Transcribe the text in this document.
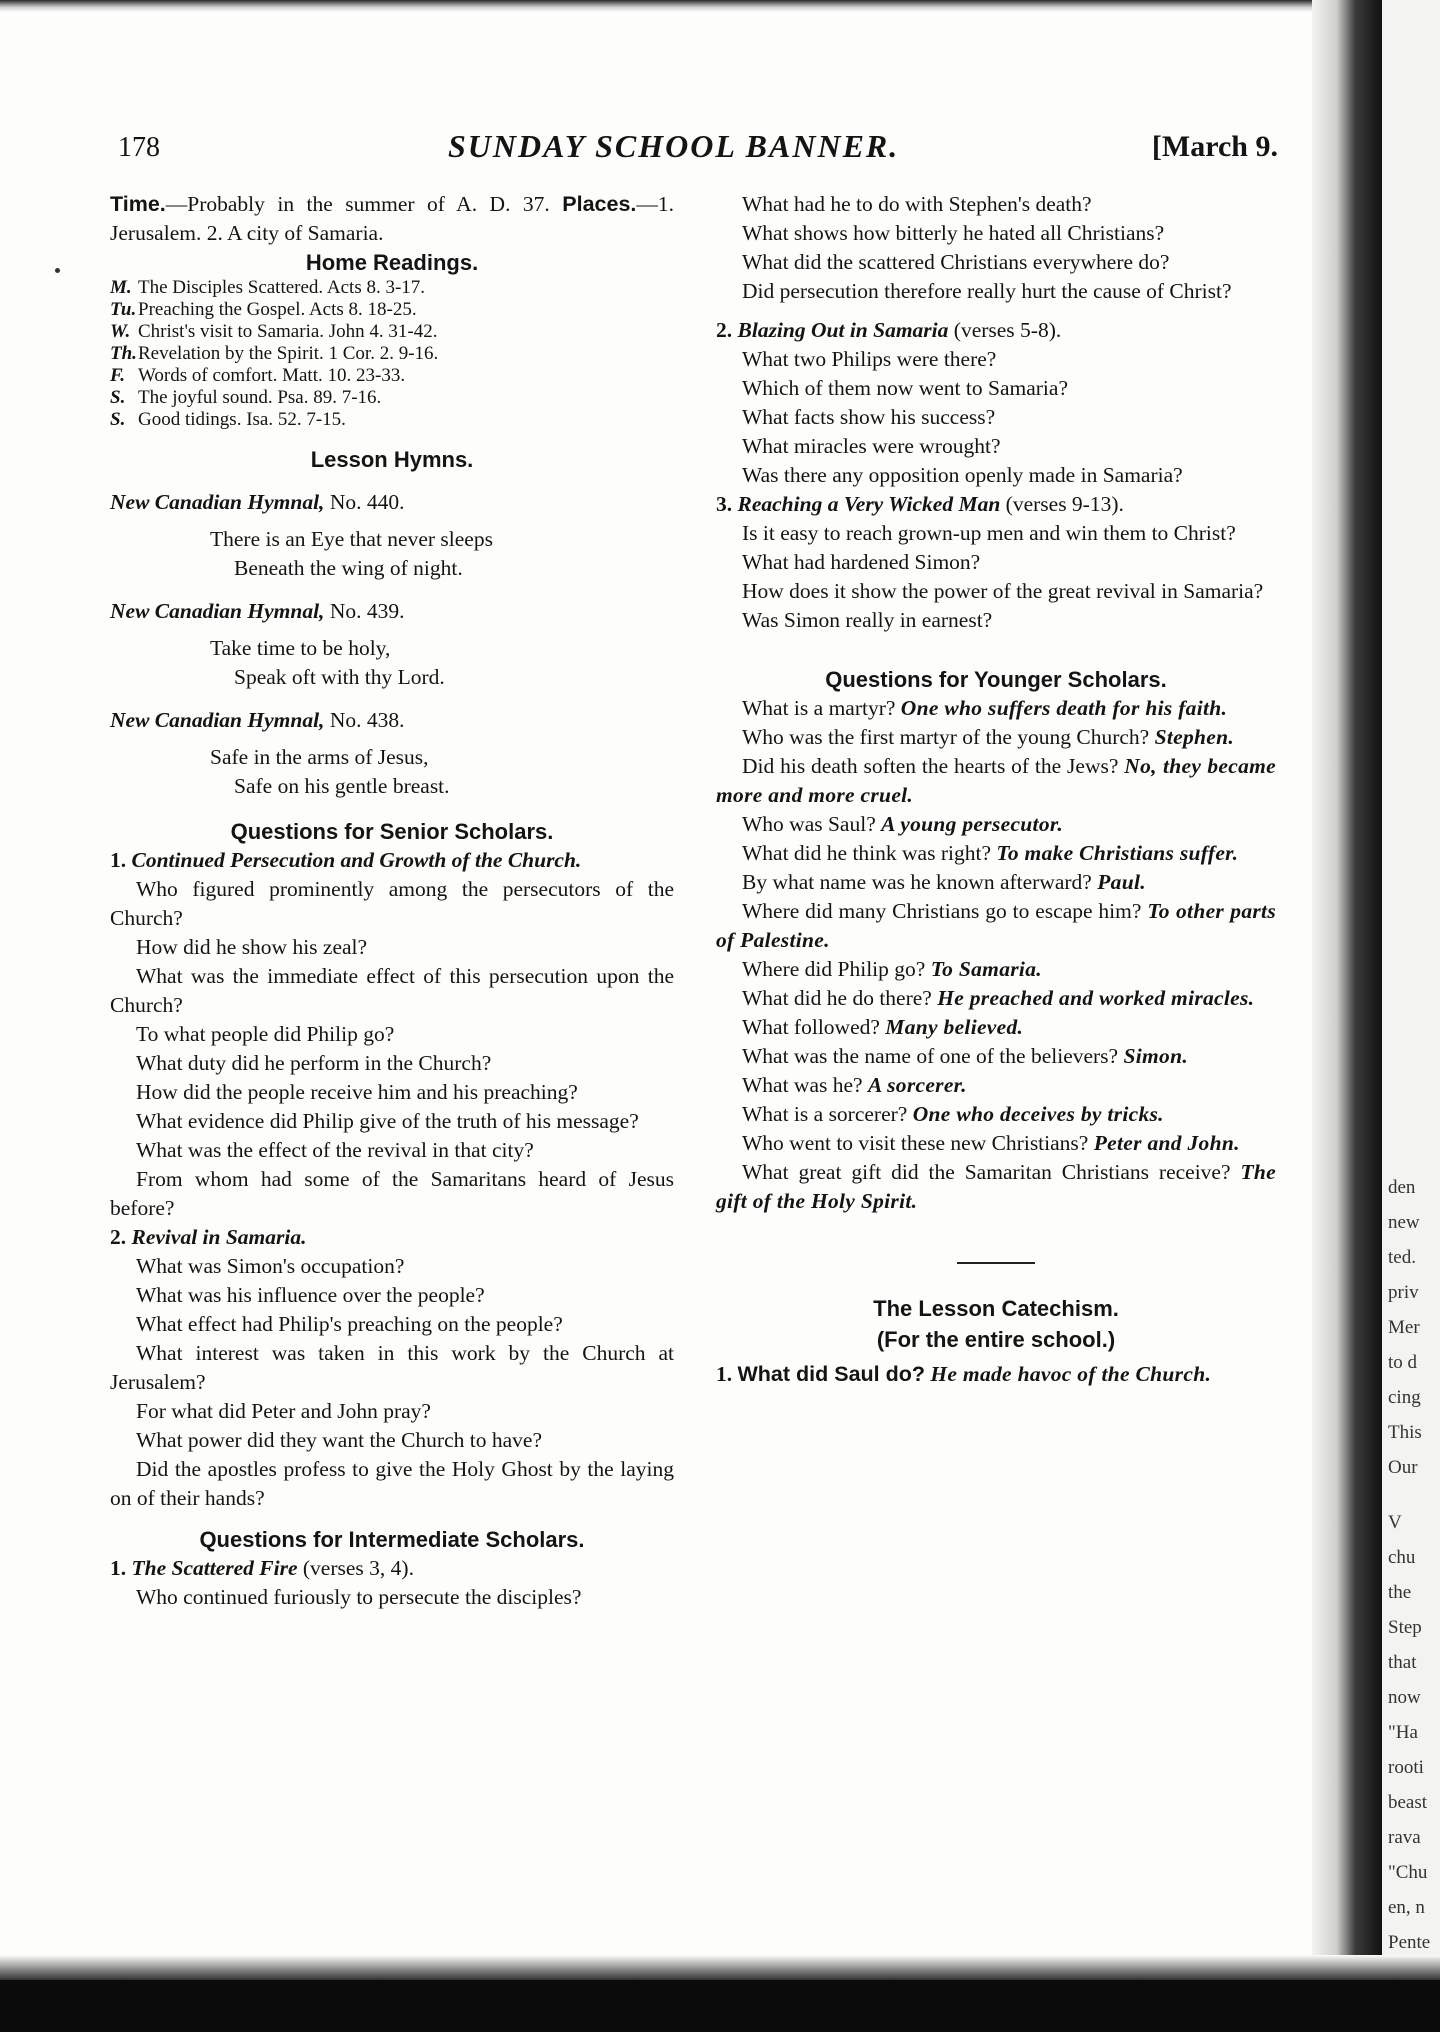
den
new
ted.
priv
Mer
to d
cing
This
Our
V
chu
the
Step
that
now
"Ha
rooti
beast
rava
"Chu
en, n
Pente
178	SUNDAY SCHOOL BANNER.	[March 9.

Time.—Probably in the summer of A. D. 37. Places.—1. Jerusalem. 2. A city of Samaria.

Home Readings.

M. The Disciples Scattered. Acts 8. 3-17.

Tu.Preaching the Gospel. Acts 8. 18-25.

W. Christ's visit to Samaria. John 4. 31-42.

Th.Revelation by the Spirit. 1 Cor. 2. 9-16.

F. Words of comfort. Matt. 10. 23-33.

S. The joyful sound. Psa. 89. 7-16.

S. Good tidings. Isa. 52. 7-15.

Lesson Hymns.

New Canadian Hymnal, No. 440.

There is an Eye that never sleeps
Beneath the wing of night.

New Canadian Hymnal, No. 439.

Take time to be holy,
Speak oft with thy Lord.

New Canadian Hymnal, No. 438.

Safe in the arms of Jesus,
Safe on his gentle breast.

Questions for Senior Scholars.

1. Continued Persecution and Growth of the Church.

Who figured prominently among the persecutors of the Church?

How did he show his zeal?

What was the immediate effect of this persecution upon the Church?

To what people did Philip go?

What duty did he perform in the Church?

How did the people receive him and his preaching?

What evidence did Philip give of the truth of his message?

What was the effect of the revival in that city?

From whom had some of the Samaritans heard of Jesus before?

2. Revival in Samaria.

What was Simon's occupation?

What was his influence over the people?

What effect had Philip's preaching on the people?

What interest was taken in this work by the Church at Jerusalem?

For what did Peter and John pray?

What power did they want the Church to have?

Did the apostles profess to give the Holy Ghost by the laying on of their hands?

Questions for Intermediate Scholars.

1. The Scattered Fire (verses 3, 4).

Who continued furiously to persecute the disciples?

What had he to do with Stephen's death?

What shows how bitterly he hated all Christians?

What did the scattered Christians everywhere do?

Did persecution therefore really hurt the cause of Christ?

2. Blazing Out in Samaria (verses 5-8).

What two Philips were there?

Which of them now went to Samaria?

What facts show his success?

What miracles were wrought?

Was there any opposition openly made in Samaria?

3. Reaching a Very Wicked Man (verses 9-13).

Is it easy to reach grown-up men and win them to Christ?

What had hardened Simon?

How does it show the power of the great revival in Samaria?

Was Simon really in earnest?

Questions for Younger Scholars.

What is a martyr? One who suffers death for his faith.

Who was the first martyr of the young Church? Stephen.

Did his death soften the hearts of the Jews? No, they became more and more cruel.

Who was Saul? A young persecutor.

What did he think was right? To make Christians suffer.

By what name was he known afterward? Paul.

Where did many Christians go to escape him? To other parts of Palestine.

Where did Philip go? To Samaria.

What did he do there? He preached and worked miracles.

What followed? Many believed.

What was the name of one of the believers? Simon.

What was he? A sorcerer.

What is a sorcerer? One who deceives by tricks.

Who went to visit these new Christians? Peter and John.

What great gift did the Samaritan Christians receive? The gift of the Holy Spirit.

The Lesson Catechism.

(For the entire school.)

1. What did Saul do? He made havoc of the Church.
